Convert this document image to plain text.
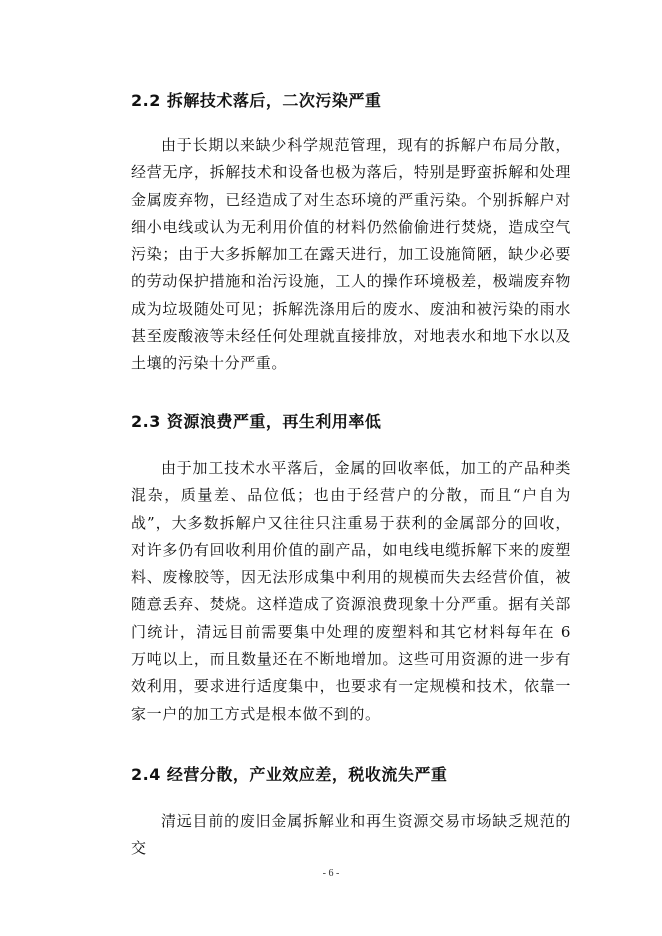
2.2 拆解技术落后，二次污染严重
由于长期以来缺少科学规范管理，现有的拆解户布局分散，经营无序，拆解技术和设备也极为落后，特别是野蛮拆解和处理金属废弃物，已经造成了对生态环境的严重污染。个别拆解户对细小电线或认为无利用价值的材料仍然偷偷进行焚烧，造成空气污染；由于大多拆解加工在露天进行，加工设施简陋，缺少必要的劳动保护措施和治污设施，工人的操作环境极差，极端废弃物成为垃圾随处可见；拆解洗涤用后的废水、废油和被污染的雨水甚至废酸液等未经任何处理就直接排放，对地表水和地下水以及土壤的污染十分严重。
2.3 资源浪费严重，再生利用率低
由于加工技术水平落后，金属的回收率低，加工的产品种类混杂，质量差、品位低；也由于经营户的分散，而且“户自为战”，大多数拆解户又往往只注重易于获利的金属部分的回收，对许多仍有回收利用价值的副产品，如电线电缆拆解下来的废塑料、废橡胶等，因无法形成集中利用的规模而失去经营价值，被随意丢弃、焚烧。这样造成了资源浪费现象十分严重。据有关部门统计，清远目前需要集中处理的废塑料和其它材料每年在 6 万吨以上，而且数量还在不断地增加。这些可用资源的进一步有效利用，要求进行适度集中，也要求有一定规模和技术，依靠一家一户的加工方式是根本做不到的。
2.4 经营分散，产业效应差，税收流失严重
清远目前的废旧金属拆解业和再生资源交易市场缺乏规范的交
- 6 -
